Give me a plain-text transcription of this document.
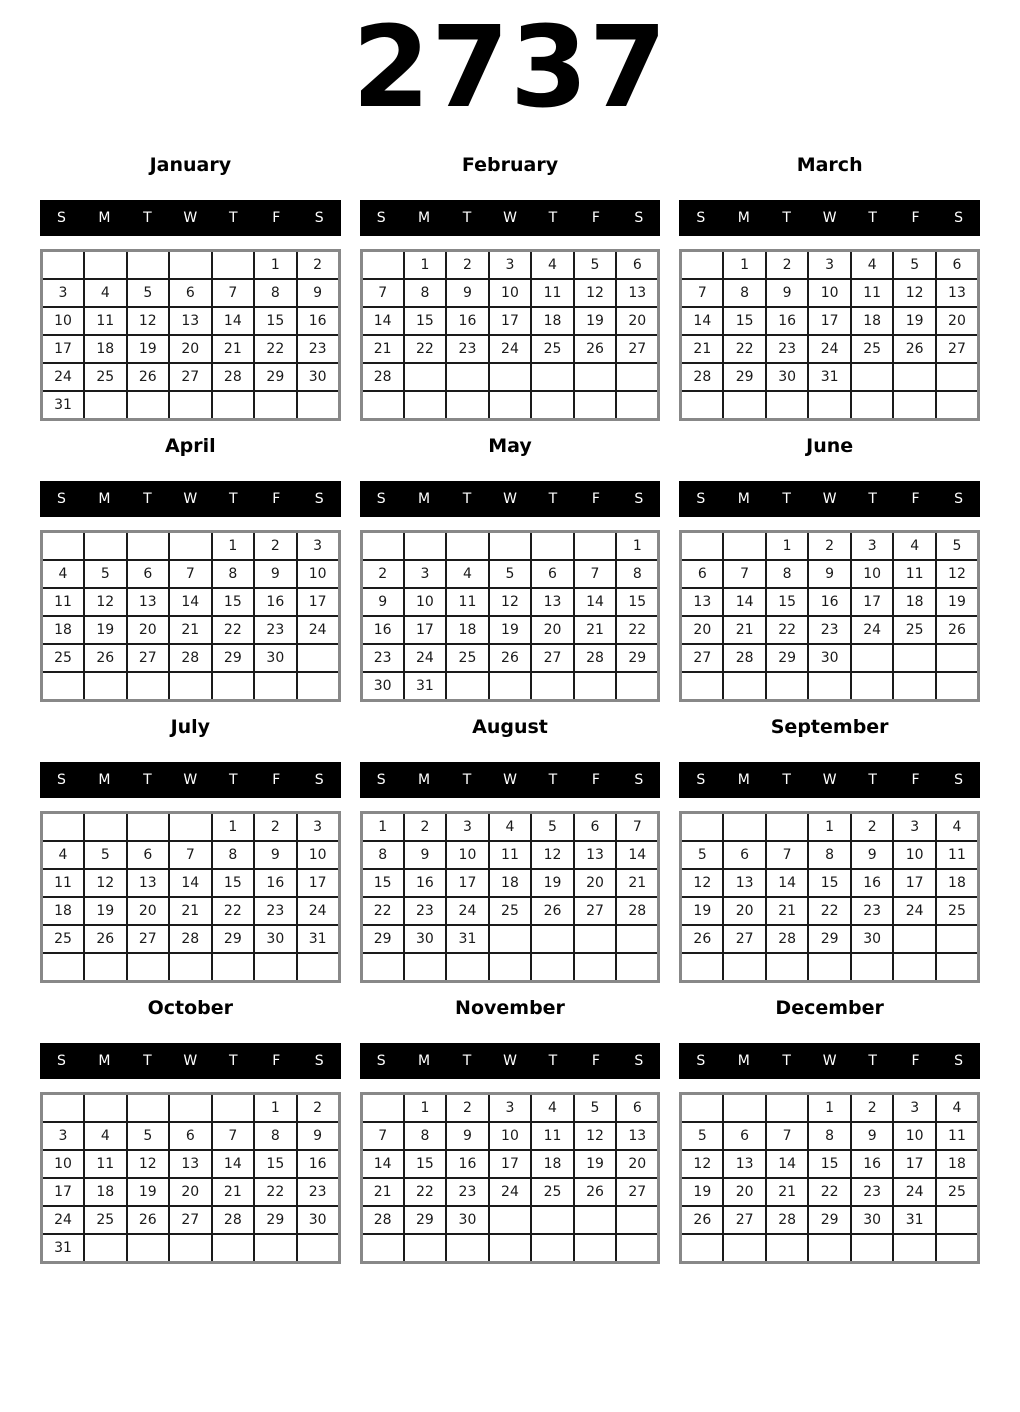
2737
January
S	M	T	W	T	F	S
					1	2
3	4	5	6	7	8	9
10	11	12	13	14	15	16
17	18	19	20	21	22	23
24	25	26	27	28	29	30
31						
February
S	M	T	W	T	F	S
	1	2	3	4	5	6
7	8	9	10	11	12	13
14	15	16	17	18	19	20
21	22	23	24	25	26	27
28						

March
S	M	T	W	T	F	S
	1	2	3	4	5	6
7	8	9	10	11	12	13
14	15	16	17	18	19	20
21	22	23	24	25	26	27
28	29	30	31			

April
S	M	T	W	T	F	S
				1	2	3
4	5	6	7	8	9	10
11	12	13	14	15	16	17
18	19	20	21	22	23	24
25	26	27	28	29	30	

May
S	M	T	W	T	F	S
						1
2	3	4	5	6	7	8
9	10	11	12	13	14	15
16	17	18	19	20	21	22
23	24	25	26	27	28	29
30	31					
June
S	M	T	W	T	F	S
		1	2	3	4	5
6	7	8	9	10	11	12
13	14	15	16	17	18	19
20	21	22	23	24	25	26
27	28	29	30			

July
S	M	T	W	T	F	S
				1	2	3
4	5	6	7	8	9	10
11	12	13	14	15	16	17
18	19	20	21	22	23	24
25	26	27	28	29	30	31

August
S	M	T	W	T	F	S
1	2	3	4	5	6	7
8	9	10	11	12	13	14
15	16	17	18	19	20	21
22	23	24	25	26	27	28
29	30	31				

September
S	M	T	W	T	F	S
			1	2	3	4
5	6	7	8	9	10	11
12	13	14	15	16	17	18
19	20	21	22	23	24	25
26	27	28	29	30		

October
S	M	T	W	T	F	S
					1	2
3	4	5	6	7	8	9
10	11	12	13	14	15	16
17	18	19	20	21	22	23
24	25	26	27	28	29	30
31						
November
S	M	T	W	T	F	S
	1	2	3	4	5	6
7	8	9	10	11	12	13
14	15	16	17	18	19	20
21	22	23	24	25	26	27
28	29	30				

December
S	M	T	W	T	F	S
			1	2	3	4
5	6	7	8	9	10	11
12	13	14	15	16	17	18
19	20	21	22	23	24	25
26	27	28	29	30	31	
